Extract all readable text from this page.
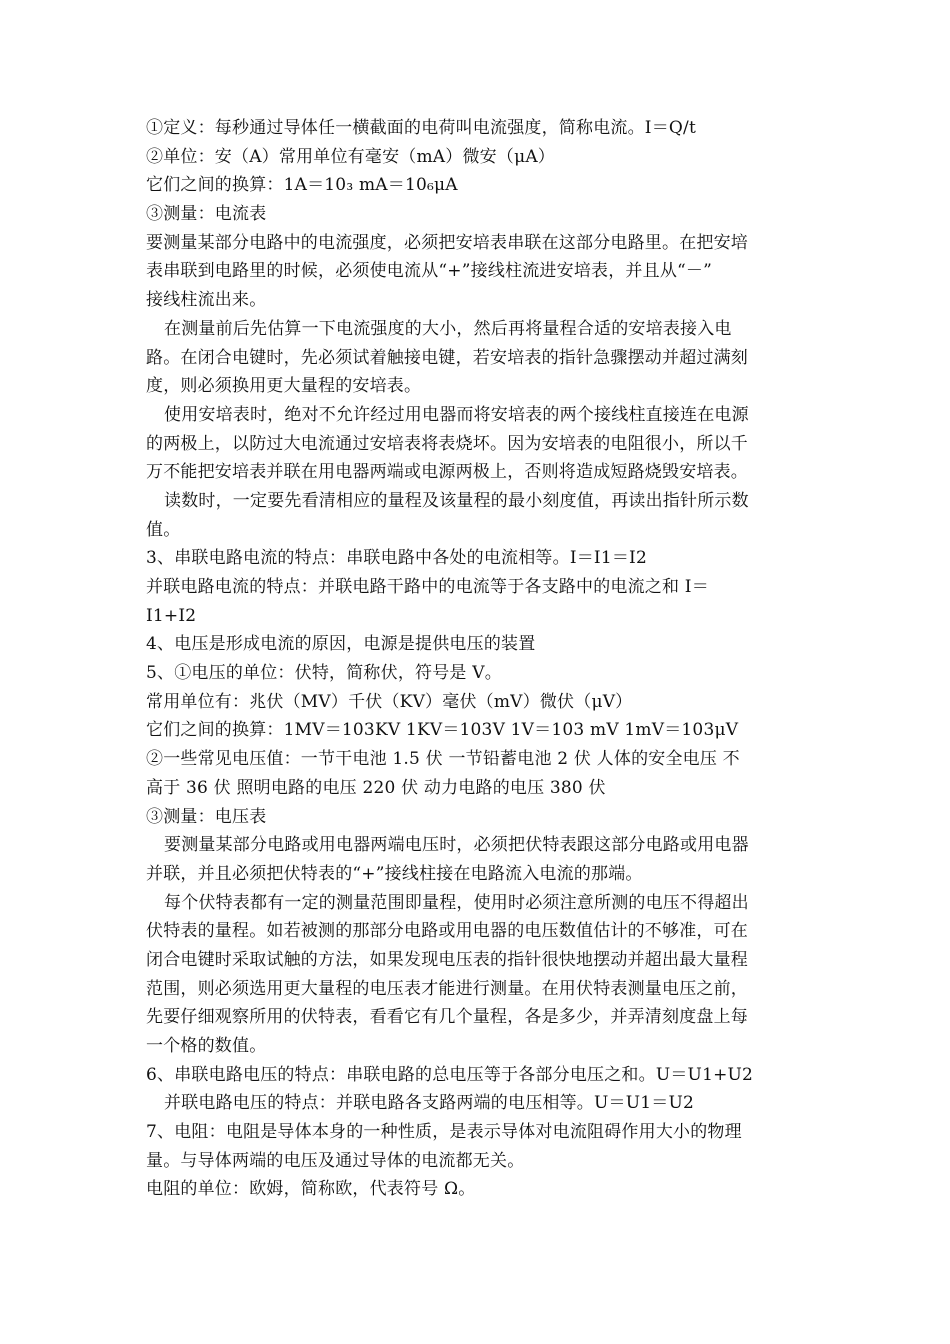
①定义：每秒通过导体任一横截面的电荷叫电流强度，简称电流。I＝Q/t
②单位：安（A）常用单位有毫安（mA）微安（μA）
它们之间的换算：1A＝10₃ mA＝10₆μA
③测量：电流表
要测量某部分电路中的电流强度，必须把安培表串联在这部分电路里。在把安培
表串联到电路里的时候，必须使电流从“+”接线柱流进安培表，并且从“－”
接线柱流出来。
在测量前后先估算一下电流强度的大小，然后再将量程合适的安培表接入电
路。在闭合电键时，先必须试着触接电键，若安培表的指针急骤摆动并超过满刻
度，则必须换用更大量程的安培表。
使用安培表时，绝对不允许经过用电器而将安培表的两个接线柱直接连在电源
的两极上，以防过大电流通过安培表将表烧坏。因为安培表的电阻很小，所以千
万不能把安培表并联在用电器两端或电源两极上，否则将造成短路烧毁安培表。
读数时，一定要先看清相应的量程及该量程的最小刻度值，再读出指针所示数
值。
3、串联电路电流的特点：串联电路中各处的电流相等。I＝I1＝I2
并联电路电流的特点：并联电路干路中的电流等于各支路中的电流之和 I＝
I1+I2
4、电压是形成电流的原因，电源是提供电压的装置
5、①电压的单位：伏特，简称伏，符号是 V。
常用单位有：兆伏（MV）千伏（KV）毫伏（mV）微伏（μV）
它们之间的换算：1MV＝103KV 1KV＝103V 1V＝103 mV 1mV＝103μV
②一些常见电压值：一节干电池 1.5 伏 一节铅蓄电池 2 伏 人体的安全电压 不
高于 36 伏 照明电路的电压 220 伏 动力电路的电压 380 伏
③测量：电压表
要测量某部分电路或用电器两端电压时，必须把伏特表跟这部分电路或用电器
并联，并且必须把伏特表的“+”接线柱接在电路流入电流的那端。
每个伏特表都有一定的测量范围即量程，使用时必须注意所测的电压不得超出
伏特表的量程。如若被测的那部分电路或用电器的电压数值估计的不够准，可在
闭合电键时采取试触的方法，如果发现电压表的指针很快地摆动并超出最大量程
范围，则必须选用更大量程的电压表才能进行测量。在用伏特表测量电压之前，
先要仔细观察所用的伏特表，看看它有几个量程，各是多少，并弄清刻度盘上每
一个格的数值。
6、串联电路电压的特点：串联电路的总电压等于各部分电压之和。U＝U1+U2
并联电路电压的特点：并联电路各支路两端的电压相等。U＝U1＝U2
7、电阻：电阻是导体本身的一种性质，是表示导体对电流阻碍作用大小的物理
量。与导体两端的电压及通过导体的电流都无关。
电阻的单位：欧姆，简称欧，代表符号 Ω。
